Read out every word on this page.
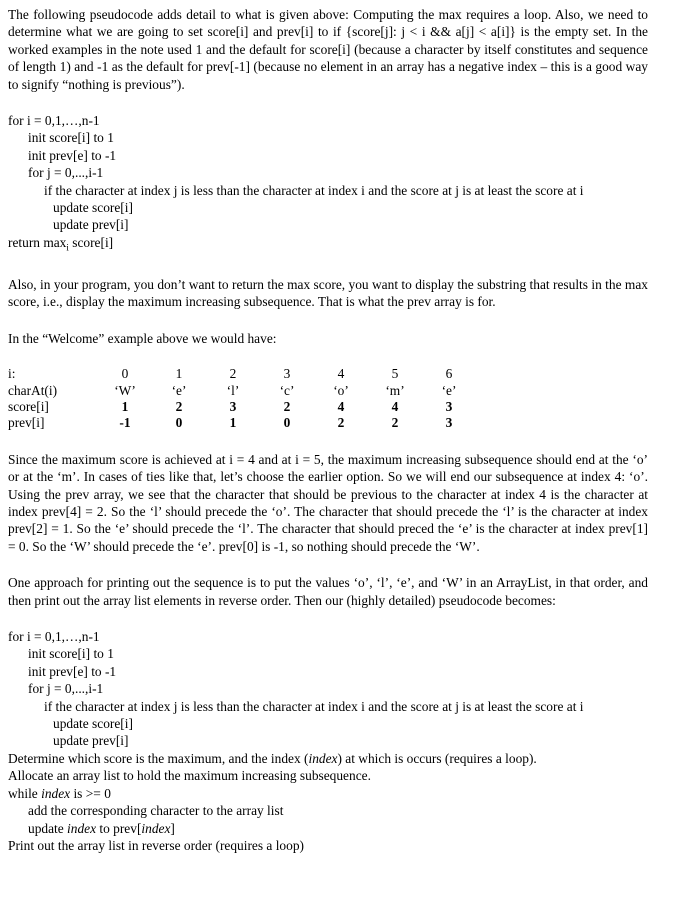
The following pseudocode adds detail to what is given above: Computing the max requires a loop. Also, we need to determine what we are going to set score[i] and prev[i] to if {score[j]: j < i && a[j] < a[i]} is the empty set. In the worked examples in the note used 1 and the default for score[i] (because a character by itself constitutes and sequence of length 1) and -1 as the default for prev[-1] (because no element in an array has a negative index – this is a good way to signify “nothing is previous”).

for i = 0,1,…,n-1
init score[i] to 1
init prev[e] to -1
for j = 0,...,i-1
if the character at index j is less than the character at index i and the score at j is at least the score at i
update score[i]
update prev[i]
return $\max_i$ score[i]

Also, in your program, you don’t want to return the max score, you want to display the substring that results in the max score, i.e., display the maximum increasing subsequence. That is what the prev array is for.

In the “Welcome” example above we would have:

i:	0	1	2	3	4	5	6
charAt(i)	‘W’	‘e’	‘l’	‘c’	‘o’	‘m’	‘e’
score[i]	1	2	3	2	4	4	3
prev[i]	-1	0	1	0	2	2	3

Since the maximum score is achieved at i = 4 and at i = 5, the maximum increasing subsequence should end at the ‘o’ or at the ‘m’. In cases of ties like that, let’s choose the earlier option. So we will end our subsequence at index 4: ‘o’. Using the prev array, we see that the character that should be previous to the character at index 4 is the character at index prev[4] = 2. So the ‘l’ should precede the ‘o’. The character that should precede the ‘l’ is the character at index prev[2] = 1. So the ‘e’ should precede the ‘l’. The character that should preced the ‘e’ is the character at index prev[1] = 0. So the ‘W’ should precede the ‘e’. prev[0] is -1, so nothing should precede the ‘W’.

One approach for printing out the sequence is to put the values ‘o’, ‘l’, ‘e’, and ‘W’ in an ArrayList, in that order, and then print out the array list elements in reverse order. Then our (highly detailed) pseudocode becomes:

for i = 0,1,…,n-1
init score[i] to 1
init prev[e] to -1
for j = 0,...,i-1
if the character at index j is less than the character at index i and the score at j is at least the score at i
update score[i]
update prev[i]
Determine which score is the maximum, and the index (index) at which is occurs (requires a loop).
Allocate an array list to hold the maximum increasing subsequence.
while index is >= 0
add the corresponding character to the array list
update index to prev[index]
Print out the array list in reverse order (requires a loop)
